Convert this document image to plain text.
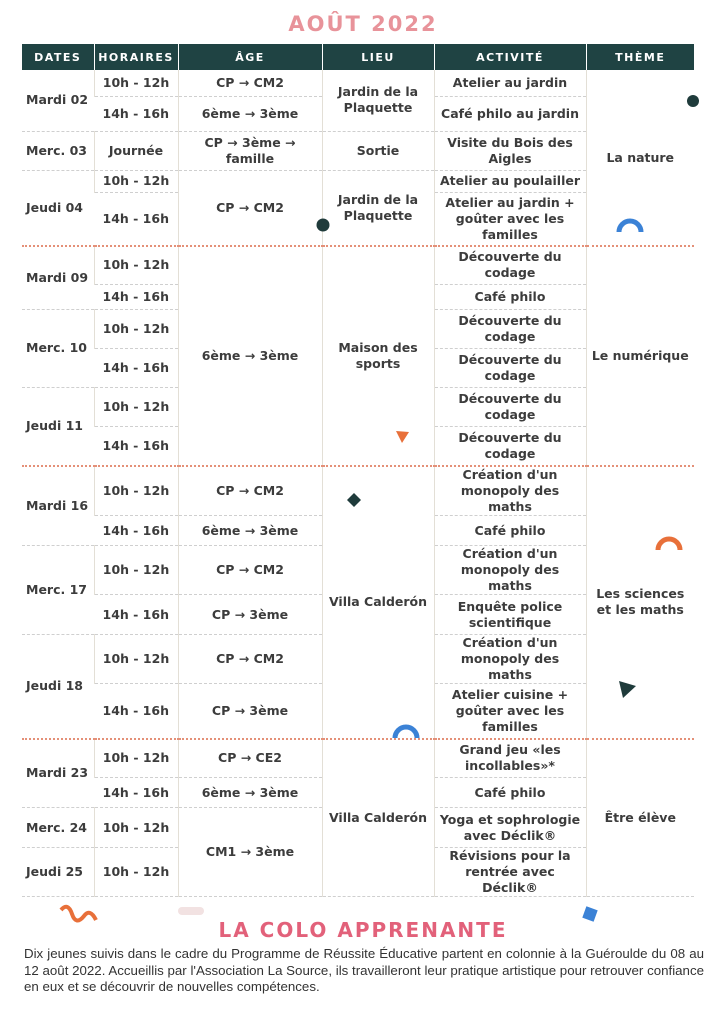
AOÛT 2022
DATES	HORAIRES	ÂGE	LIEU	ACTIVITÉ	THÈME
Mardi 02	10h - 12h	CP → CM2	Jardin de la Plaquette	Atelier au jardin	La nature
	14h - 16h	6ème → 3ème		Café philo au jardin	
Merc. 03	Journée	CP → 3ème → famille	Sortie	Visite du Bois des Aigles	
Jeudi 04	10h - 12h	CP → CM2	Jardin de la Plaquette	Atelier au poulailler	
	14h - 16h			Atelier au jardin + goûter avec les familles	
Mardi 09	10h - 12h	6ème → 3ème	Maison des sports	Découverte du codage	Le numérique
	14h - 16h			Café philo	
Merc. 10	10h - 12h			Découverte du codage	
	14h - 16h			Découverte du codage	
Jeudi 11	10h - 12h			Découverte du codage	
	14h - 16h			Découverte du codage	
Mardi 16	10h - 12h	CP → CM2	Villa Calderón	Création d'un monopoly des maths	Les sciences et les maths
	14h - 16h	6ème → 3ème		Café philo	
Merc. 17	10h - 12h	CP → CM2		Création d'un monopoly des maths	
	14h - 16h	CP → 3ème		Enquête police scientifique	
Jeudi 18	10h - 12h	CP → CM2		Création d'un monopoly des maths	
	14h - 16h	CP → 3ème		Atelier cuisine + goûter avec les familles	
Mardi 23	10h - 12h	CP → CE2	Villa Calderón	Grand jeu «les incollables»*	Être élève
	14h - 16h	6ème → 3ème		Café philo	
Merc. 24	10h - 12h	CM1 → 3ème		Yoga et sophrologie avec Déclik®	
Jeudi 25	10h - 12h			Révisions pour la rentrée avec Déclik®	
LA COLO APPRENANTE
Dix jeunes suivis dans le cadre du Programme de Réussite Éducative partent en colonnie à la Guéroulde du 08 au 12 août 2022. Accueillis par l'Association La Source, ils travailleront leur pratique artistique pour retrouver confiance en eux et se découvrir de nouvelles compétences.
